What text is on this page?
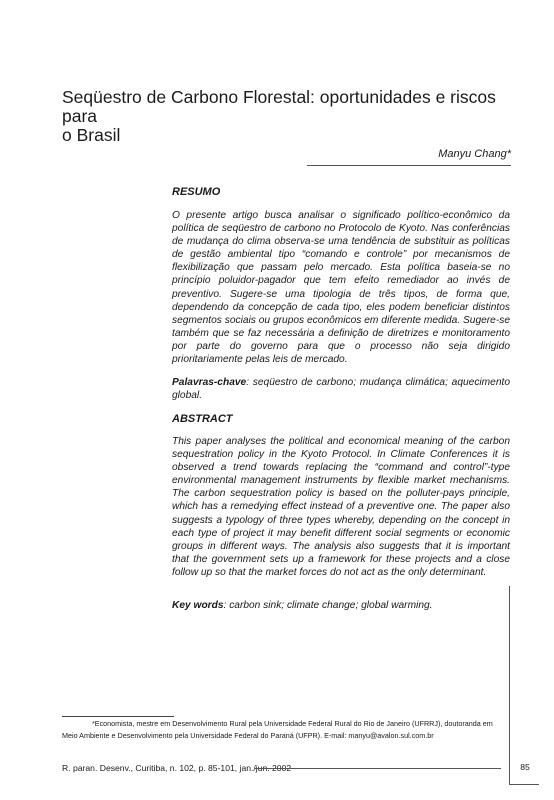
Seqüestro de Carbono Florestal: oportunidades e riscos para
o Brasil
Manyu Chang*
RESUMO
O presente artigo busca analisar o significado político-econômico da política de seqüestro de carbono no Protocolo de Kyoto. Nas conferências de mudança do clima observa-se uma tendência de substituir as políticas de gestão ambiental tipo “comando e controle” por mecanismos de flexibilização que passam pelo mercado. Esta política baseia-se no princípio poluidor-pagador que tem efeito remediador ao invés de preventivo. Sugere-se uma tipologia de três tipos, de forma que, dependendo da concepção de cada tipo, eles podem beneficiar distintos segmentos sociais ou grupos econômicos em diferente medida. Sugere-se também que se faz necessária a definição de diretrizes e monitoramento por parte do governo para que o processo não seja dirigido prioritariamente pelas leis de mercado.
Palavras-chave: seqüestro de carbono; mudança climática; aquecimento global.
ABSTRACT
This paper analyses the political and economical meaning of the carbon sequestration policy in the Kyoto Protocol. In Climate Conferences it is observed a trend towards replacing the “command and control”-type environmental management instruments by flexible market mechanisms. The carbon sequestration policy is based on the polluter-pays principle, which has a remedying effect instead of a preventive one. The paper also suggests a typology of three types whereby, depending on the concept in each type of project it may benefit different social segments or economic groups in different ways. The analysis also suggests that it is important that the government sets up a framework for these projects and a close follow up so that the market forces do not act as the only determinant.
Key words: carbon sink; climate change; global warming.
*Economista, mestre em Desenvolvimento Rural pela Universidade Federal Rural do Rio de Janeiro (UFRRJ), doutoranda em
Meio Ambiente e Desenvolvimento pela Universidade Federal do Paraná (UFPR). E-mail: manyu@avalon.sul.com.br
R. paran. Desenv., Curitiba, n. 102, p. 85-101, jan./jun. 2002	85
